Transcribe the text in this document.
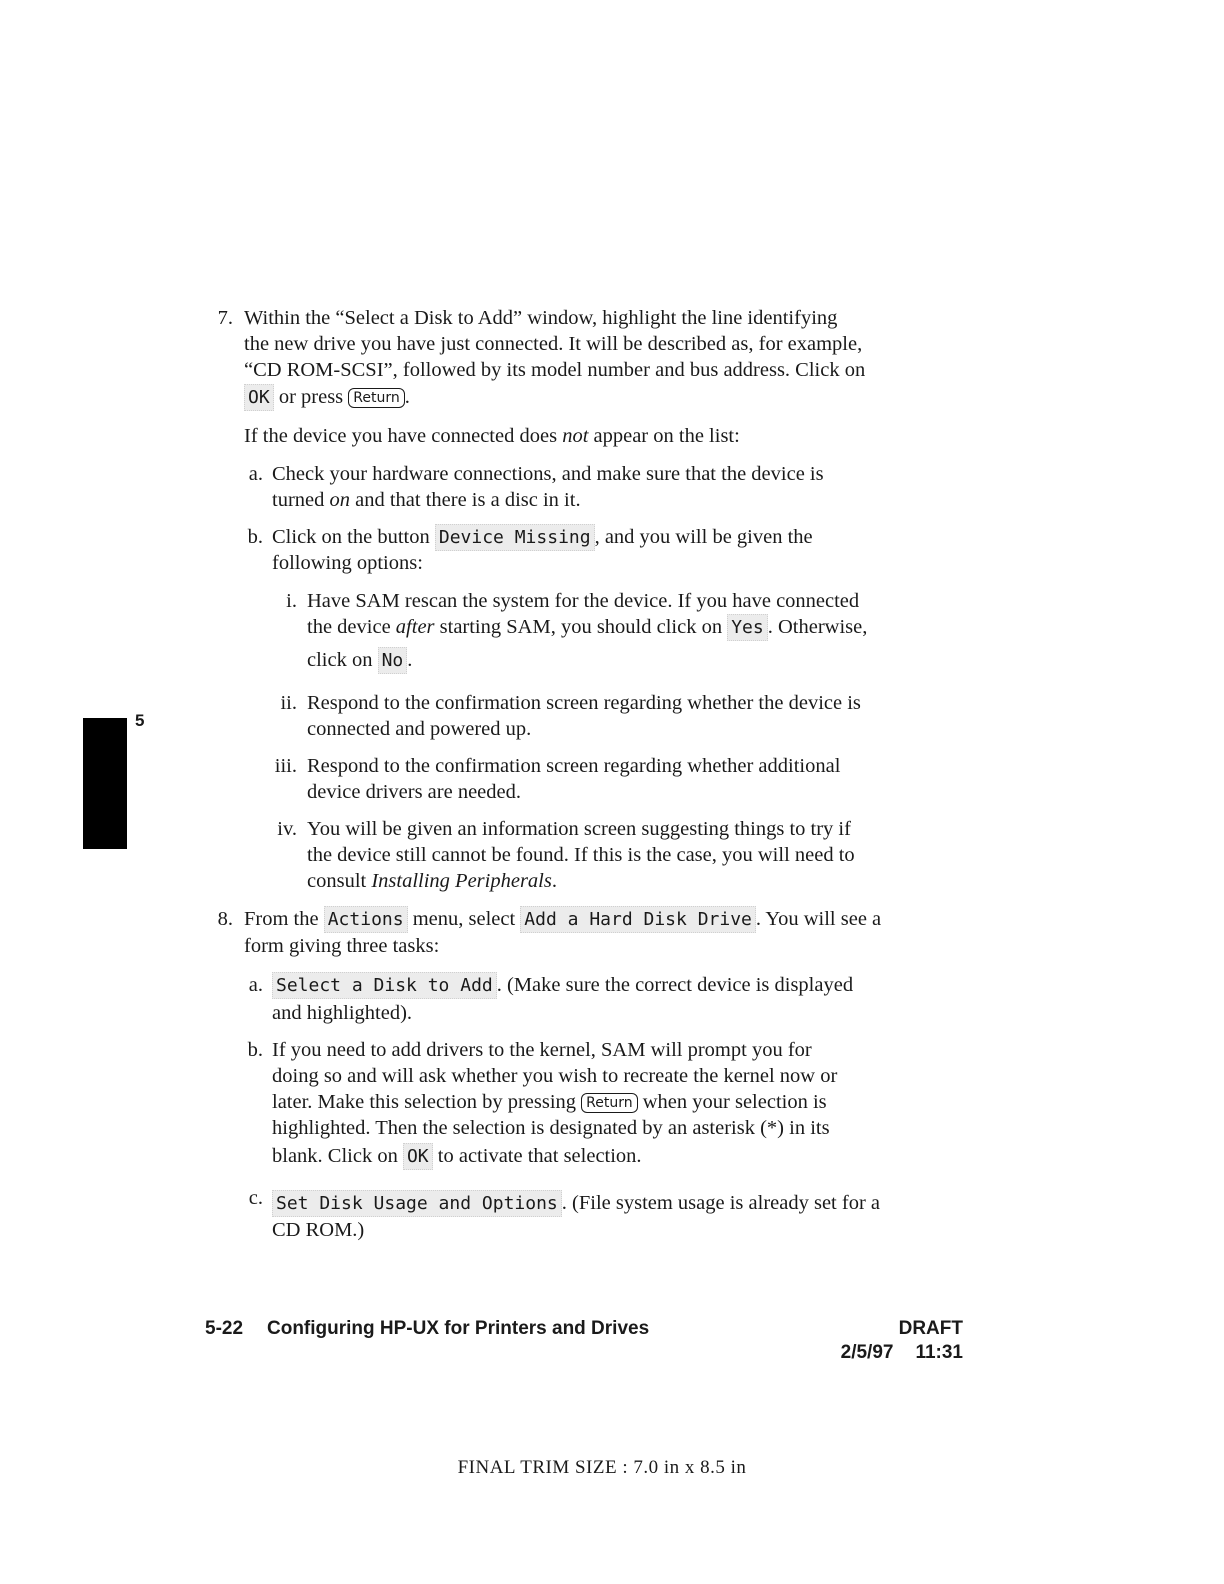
7. Within the “Select a Disk to Add” window, highlight the line identifying
the new drive you have just connected. It will be described as, for example,
“CD ROM-SCSI”, followed by its model number and bus address. Click on
OK or press Return .
If the device you have connected does not appear on the list:
a. Check your hardware connections, and make sure that the device is
turned on and that there is a disc in it.
b. Click on the button Device Missing , and you will be given the
following options:
i. Have SAM rescan the system for the device. If you have connected
the device after starting SAM, you should click on Yes . Otherwise,
click on No .
ii. Respond to the confirmation screen regarding whether the device is
connected and powered up.
iii. Respond to the confirmation screen regarding whether additional
device drivers are needed.
iv. You will be given an information screen suggesting things to try if
the device still cannot be found. If this is the case, you will need to
consult Installing Peripherals.
8. From the Actions menu, select Add a Hard Disk Drive . You will see a
form giving three tasks:
a. Select a Disk to Add . (Make sure the correct device is displayed
and highlighted).
b. If you need to add drivers to the kernel, SAM will prompt you for
doing so and will ask whether you wish to recreate the kernel now or
later. Make this selection by pressing Return when your selection is
highlighted. Then the selection is designated by an asterisk (*) in its
blank. Click on OK to activate that selection.
c. Set Disk Usage and Options . (File system usage is already set for a
CD ROM.)
5
5-22 Configuring HP-UX for Printers and Drives	DRAFT
2/5/97 11:31
FINAL TRIM SIZE : 7.0 in x 8.5 in
